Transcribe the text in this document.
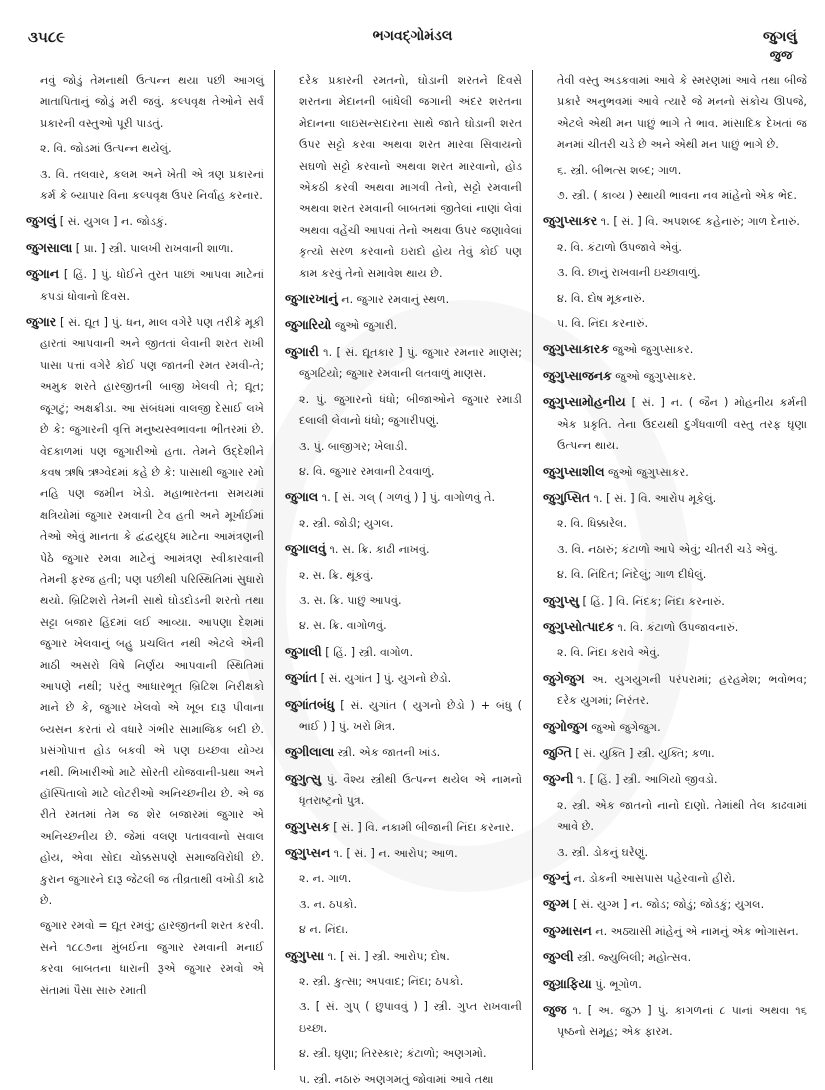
૩૫૮૯	ભગવદ્ગોમંડલ	જુગલું
જુજ

નવું જોડું તેમનાથી ઉત્પન્ન થયા પછી આગલું માતાપિતાનું જોડું મરી જવું. કલ્પવૃક્ષ તેઓને સર્વ પ્રકારની વસ્તુઓ પૂરી પાડતું.

૨. વિ. જોડમાં ઉત્પન્ન થયેલું.

૩. વિ. તલવાર, કલમ અને ખેતી એ ત્રણ પ્રકારનાં કર્મ કે બ્યાપાર વિના કલ્પવૃક્ષ ઉપર નિર્વાહ કરનાર.

જુગલું [ સં. યુગલ ] ન. જોડકું.

જુગસાલા [ પ્રા. ] સ્ત્રી. પાલખી રાખવાની શાળા.

જુગાન [ હિં. ] પું. ધોઈને તુરત પાછાં આપવા માટેનાં કપડાં ધોવાનો દિવસ.

જુગાર [ સં. દ્યૂત ] પું. ધન, માલ વગેરે પણ તરીકે મૂકી હારતાં આપવાની અને જીતતાં લેવાની શરત રાખી પાસા પત્તાં વગેરે કોઈ પણ જાતની રમત રમવી-તે; અમુક શરતે હારજીતની બાજી ખેલવી તે; દ્યૂત; જૂગટું; અક્ષક્રીડા. આ સંબંધમાં વાલજી દેસાઈ લખે છે કે: જુગારની વૃત્તિ મનુષ્યસ્વભાવના ભીતરમાં છે. વેદકાળમાં પણ જુગારીઓ હતા. તેમને ઉદ્દેશીને કવષ ઋષિ ઋગ્વેદમાં કહે છે કે: પાસાથી જુગાર રમો નહિ પણ જમીન ખેડો. મહાભારતના સમયમાં ક્ષત્રિયોમાં જુગાર રમવાની ટેવ હતી અને મૂર્ખાઈમાં તેઓ એવું માનતા કે દ્વંદ્વયુદ્ધ માટેના આમંત્રણની પેઠે જુગાર રમવા માટેનું આમંત્રણ સ્વીકારવાની તેમની ફરજ હતી; પણ પછીથી પરિસ્થિતિમાં સુધારો થયો. બ્રિટિશરો તેમની સાથે ઘોડદોડની શરતો તથા સટ્ટા બજાર હિંદમાં લઈ આવ્યા. આપણા દેશમાં જુગાર ખેલવાનું બહુ પ્રચલિત નથી એટલે એની માઠી અસરો વિષે નિર્ણય આપવાની સ્થિતિમાં આપણે નથી; પરંતુ આધારભૂત બ્રિટિશ નિરીક્ષકો માને છે કે, જુગાર ખેલવો એ ખૂબ દારૂ પીવાના બ્યસન કરતાં યે વધારે ગંભીર સામાજિક બદી છે. પ્રસંગોપાત્ત હોડ બકવી એ પણ ઇચ્છવા યોગ્ય નથી. ભિખારીઓ માટે સોરતી યોજવાની-પ્રથા અને હૉસ્પિતાલો માટે લોટરીઓ અનિચ્છનીય છે. એ જ રીતે રમતમાં તેમ જ શેર બજારમાં જુગાર એ અનિચ્છનીય છે. જેમાં વલણ પતાવવાનો સવાલ હોય, એવા સોદા ચોક્કસપણે સમાજવિરોધી છે. કુરાન જુગારને દારૂ જેટલી જ તીવ્રતાથી વખોડી કાઢે છે.

જુગાર રમવો = દ્યૂત રમવું; હારજીતની શરત કરવી. સને ૧૮૮૭ના મુંબઈના જુગાર રમવાની મનાઈ કરવા બાબતના ધારાની રૂએ જુગાર રમવો એ સંતામાં પૈસા સારુ રમાતી

દરેક પ્રકારની રમતનો, ઘોડાની શરતને દિવસે શરતના મેદાનની બાંધેલી જગાની અંદર શરતના મેદાનના લાઇસન્સદારના સાથે જાતે ઘોડાની શરત ઉપર સટ્ટો કરવા અથવા શરત મારવા સિવાયનો સઘળો સટ્ટો કરવાનો અથવા શરત મારવાનો, હોડ એકઠી કરવી અથવા માગવી તેનો, સટ્ટો રમવાની અથવા શરત રમવાની બાબતમાં જીતેલાં નાણાં લેવાં અથવા વહેંચી આપવાં તેનો અથવા ઉપર જણાવેલાં કૃત્યો સરળ કરવાનો ઇરાદો હોય તેવું કોઈ પણ કામ કરવું તેનો સમાવેશ થાય છે.

જુગારખાનું ન. જુગાર રમવાનું સ્થળ.

જુગારિયો જુઓ જુગારી.

જુગારી ૧. [ સં. દ્યૂતકાર ] પું. જુગાર રમનાર માણસ; જુગટિયો; જુગાર રમવાની લતવાળું માણસ.

૨. પું. જુગારનો ધંધો; બીજાઓને જુગાર રમાડી દલાલી લેવાનો ધંધો; જુગારીપણું.

૩. પું. બાજીગર; ખેલાડી.

૪. વિ. જુગાર રમવાની ટેવવાળું.

જુગાલ ૧. [ સં. ગલ્ ( ગળવું ) ] પું. વાગોળવું તે.

૨. સ્ત્રી. જોડી; યુગલ.

જુગાલવું ૧. સ. ક્રિ. કાઢી નાખવું.

૨. સ. ક્રિ. થૂંકવું.

૩. સ. ક્રિ. પાછું આપવું.

૪. સ. ક્રિ. વાગોળવું.

જુગાલી [ હિં. ] સ્ત્રી. વાગોળ.

જુગાંત [ સં. યુગાંત ] પું. યુગનો છેડો.

જુગાંતબંધુ [ સં. યુગાંત ( યુગનો છેડો ) + બંધુ ( ભાઈ ) ] પું. ખરો મિત્ર.

જુગીલાલા સ્ત્રી. એક જાતની ખાંડ.

જુગુત્સુ પું. વૈશ્ય સ્ત્રીથી ઉત્પન્ન થયેલ એ નામનો ધૃતરાષ્ટ્રનો પુત્ર.

જુગુપ્સક [ સં. ] વિ. નકામી બીજાની નિંદા કરનાર.

જુગુપ્સન ૧. [ સં. ] ન. આરોપ; આળ.

૨. ન. ગાળ.

૩. ન. ઠપકો.

૪ ન. નિંદા.

જુગુપ્સા ૧. [ સં. ] સ્ત્રી. આરોપ; દોષ.

૨. સ્ત્રી. કુત્સા; અપવાદ; નિંદા; ઠપકો.

૩. [ સં. ગુપ્ ( છુપાવવું ) ] સ્ત્રી. ગુપ્ત રાખવાની ઇચ્છા.

૪. સ્ત્રી. ઘૃણા; તિરસ્કાર; કંટાળો; અણગમો.

૫. સ્ત્રી. નઠારું અણગમતું જોવામાં આવે તથા

તેવી વસ્તુ અડકવામાં આવે કે સ્મરણમાં આવે તથા બીજે પ્રકારે અનુભવમાં આવે ત્યારે જે મનનો સંકોચ ઊપજે, એટલે એથી મન પાછું ભાગે તે ભાવ. માંસાદિક દેખતાં જ મનમાં ચીતરી ચડે છે અને એથી મન પાછું ભાગે છે.

૬. સ્ત્રી. બીભત્સ શબ્દ; ગાળ.

૭. સ્ત્રી. ( કાવ્ય ) સ્થાયી ભાવના નવ માંહેનો એક ભેદ.

જુગુપ્સાકર ૧. [ સં. ] વિ. અપશબ્દ કહેનારું; ગાળ દેનારું.

૨. વિ. કંટાળો ઉપજાવે એવું.

૩. વિ. છાનું રાખવાની ઇચ્છાવાળું.

૪. વિ. દોષ મૂકનારું.

૫. વિ. નિંદા કરનારું.

જુગુપ્સાકારક જુઓ જુગુપ્સાકર.

જુગુપ્સાજનક જુઓ જુગુપ્સાકર.

જુગુપ્સામોહનીય [ સં. ] ન. ( જૈન ) મોહનીય કર્મની એક પ્રકૃતિ. તેના ઉદયથી દુર્ગંધવાળી વસ્તુ તરફ ઘૃણા ઉત્પન્ન થાય.

જુગુપ્સાશીલ જુઓ જુગુપ્સાકર.

જુગુપ્સિત ૧. [ સં. ] વિ. આરોપ મૂકેલું.

૨. વિ. ધિક્કારેલ.

૩. વિ. નઠારું; કંટાળો આપે એવું; ચીતરી ચડે એવું.

૪. વિ. નિંદિત; નિંદેલું; ગાળ દીધેલું.

જુગુપ્સુ [ હિં. ] વિ. નિંદક; નિંદા કરનારું.

જુગુપ્સોત્પાદક ૧. વિ. કંટાળો ઉપજાવનારું.

૨. વિ. નિંદા કરાવે એવું.

જુગેજુગ અ. યુગયુગની પરંપરામાં; હરહમેશ; ભવોભવ; દરેક યુગમાં; નિરંતર.

જુગોજુગ જુઓ જુગેજુગ.

જુગ્તિ [ સં. યુક્તિ ] સ્ત્રી. યુક્તિ; કળા.

જુગ્ની ૧. [ હિં. ] સ્ત્રી. આગિયો જીવડો.

૨. સ્ત્રી. એક જાતનો નાનો દાણો. તેમાંથી તેલ કાઢવામાં આવે છે.

૩. સ્ત્રી. ડોકનું ઘરેણું.

જુગ્નું ન. ડોકની આસપાસ પહેરવાનો હીરો.

જુગ્મ [ સં. યુગ્મ ] ન. જોડ; જોડું; જોડકું; યુગલ.

જુગ્માસન ન. અઠ્યાસી માંહેનું એ નામનું એક ભોગાસન.

જુગ્લી સ્ત્રી. જ્યુબિલી; મહોત્સવ.

જુગ્રાફિયા પું. ભૂગોળ.

જુજ ૧. [ અ. જુઝ ] પું. કાગળનાં ૮ પાનાં અથવા ૧૬ પૃષ્ઠનો સમૂહ; એક ફારમ.
